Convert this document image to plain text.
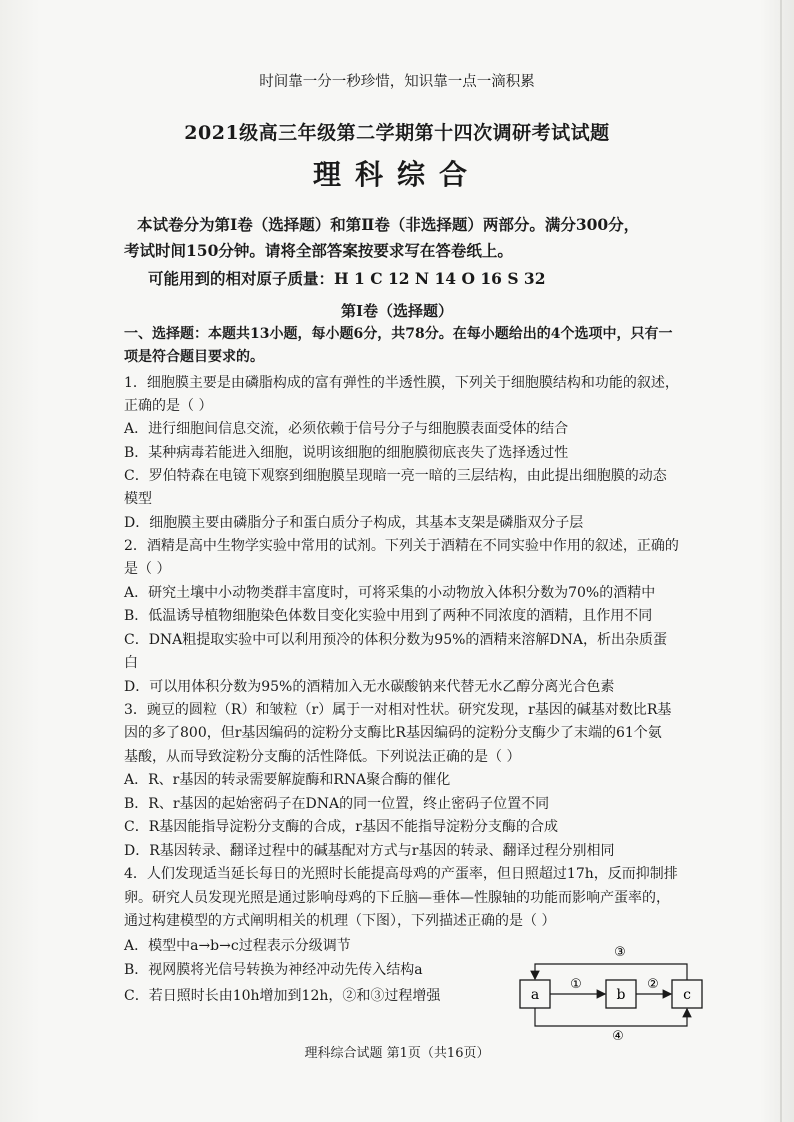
时间靠一分一秒珍惜，知识靠一点一滴积累
2021级高三年级第二学期第十四次调研考试试题
理科综合
本试卷分为第Ⅰ卷（选择题）和第Ⅱ卷（非选择题）两部分。满分300分，
考试时间150分钟。请将全部答案按要求写在答卷纸上。
可能用到的相对原子质量：H 1 C 12 N 14 O 16 S 32
第Ⅰ卷（选择题）
一、选择题：本题共13小题，每小题6分，共78分。在每小题给出的4个选项中，只有一
项是符合题目要求的。
1．细胞膜主要是由磷脂构成的富有弹性的半透性膜，下列关于细胞膜结构和功能的叙述，
正确的是（ ）
A．进行细胞间信息交流，必须依赖于信号分子与细胞膜表面受体的结合
B．某种病毒若能进入细胞，说明该细胞的细胞膜彻底丧失了选择透过性
C．罗伯特森在电镜下观察到细胞膜呈现暗一亮一暗的三层结构，由此提出细胞膜的动态
模型
D．细胞膜主要由磷脂分子和蛋白质分子构成，其基本支架是磷脂双分子层
2．酒精是高中生物学实验中常用的试剂。下列关于酒精在不同实验中作用的叙述，正确的
是（ ）
A．研究土壤中小动物类群丰富度时，可将采集的小动物放入体积分数为70%的酒精中
B．低温诱导植物细胞染色体数目变化实验中用到了两种不同浓度的酒精，且作用不同
C．DNA粗提取实验中可以利用预冷的体积分数为95%的酒精来溶解DNA，析出杂质蛋
白
D．可以用体积分数为95%的酒精加入无水碳酸钠来代替无水乙醇分离光合色素
3．豌豆的圆粒（R）和皱粒（r）属于一对相对性状。研究发现，r基因的碱基对数比R基
因的多了800，但r基因编码的淀粉分支酶比R基因编码的淀粉分支酶少了末端的61个氨
基酸，从而导致淀粉分支酶的活性降低。下列说法正确的是（ ）
A．R、r基因的转录需要解旋酶和RNA聚合酶的催化
B．R、r基因的起始密码子在DNA的同一位置，终止密码子位置不同
C．R基因能指导淀粉分支酶的合成，r基因不能指导淀粉分支酶的合成
D．R基因转录、翻译过程中的碱基配对方式与r基因的转录、翻译过程分别相同
4．人们发现适当延长每日的光照时长能提高母鸡的产蛋率，但日照超过17h，反而抑制排
卵。研究人员发现光照是通过影响母鸡的下丘脑—垂体—性腺轴的功能而影响产蛋率的，
通过构建模型的方式阐明相关的机理（下图），下列描述正确的是（ ）
A．模型中a→b→c过程表示分级调节
B．视网膜将光信号转换为神经冲动先传入结构a
C．若日照时长由10h增加到12h，②和③过程增强	a	b	c
①	②
③
④
理科综合试题 第1页（共16页）
